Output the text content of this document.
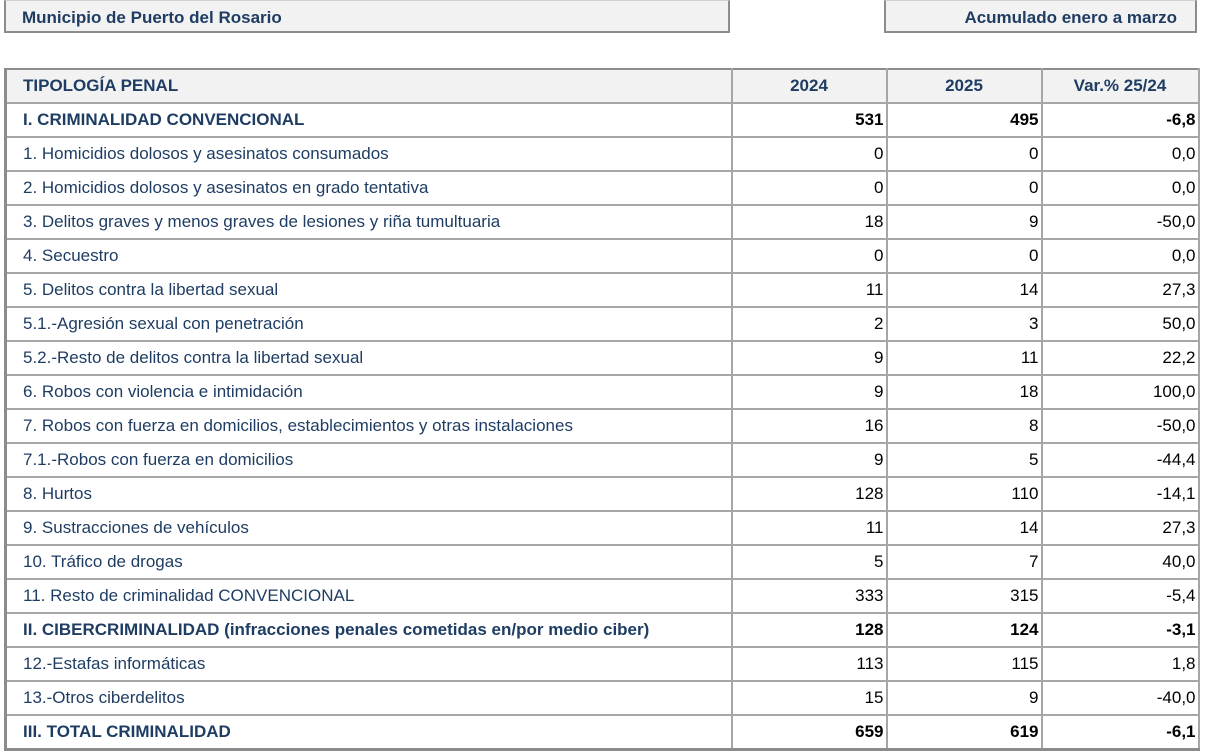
Municipio de Puerto del Rosario	Acumulado enero a marzo
TIPOLOGÍA PENAL	2024	2025	Var.% 25/24
I. CRIMINALIDAD CONVENCIONAL	531	495	-6,8
1. Homicidios dolosos y asesinatos consumados	0	0	0,0
2. Homicidios dolosos y asesinatos en grado tentativa	0	0	0,0
3. Delitos graves y menos graves de lesiones y riña tumultuaria	18	9	-50,0
4. Secuestro	0	0	0,0
5. Delitos contra la libertad sexual	11	14	27,3
5.1.-Agresión sexual con penetración	2	3	50,0
5.2.-Resto de delitos contra la libertad sexual	9	11	22,2
6. Robos con violencia e intimidación	9	18	100,0
7. Robos con fuerza en domicilios, establecimientos y otras instalaciones	16	8	-50,0
7.1.-Robos con fuerza en domicilios	9	5	-44,4
8. Hurtos	128	110	-14,1
9. Sustracciones de vehículos	11	14	27,3
10. Tráfico de drogas	5	7	40,0
11. Resto de criminalidad CONVENCIONAL	333	315	-5,4
II. CIBERCRIMINALIDAD (infracciones penales cometidas en/por medio ciber)	128	124	-3,1
12.-Estafas informáticas	113	115	1,8
13.-Otros ciberdelitos	15	9	-40,0
III. TOTAL CRIMINALIDAD	659	619	-6,1
